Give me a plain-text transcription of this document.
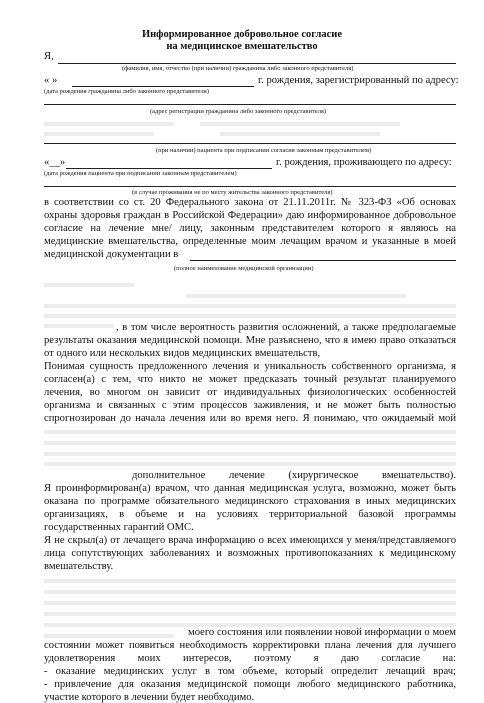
Информированное добровольное согласие
на медицинское вмешательство
Я,
(фамилия, имя, отчество (при наличии) гражданина либо законного представителя)
« »	г. рождения, зарегистрированный по адресу:
(дата рождения гражданина либо законного представителя)
(адрес регистрации гражданина либо законного представителя)
(при наличии) пациента при подписании согласия законным представителем)
«__»	г. рождения, проживающего по адресу:
(дата рождения пациента при подписании законным представителем)
(в случае проживания не по месту жительства законного представителя)
в соответствии со ст. 20 Федерального закона от 21.11.2011г. № 323-ФЗ «Об основах
охраны здоровья граждан в Российской Федерации» даю информированное добровольное
согласие на лечение мне/ лицу, законным представителем которого я являюсь на
медицинские вмешательства, определенные моим лечащим врачом и указанные в моей
медицинской документации в
(полное наименование медицинской организации)
, в том числе вероятность развития осложнений, а также предполагаемые
результаты оказания медицинской помощи. Мне разъяснено, что я имею право отказаться
от одного или нескольких видов медицинских вмешательств,
Понимая сущность предложенного лечения и уникальность собственного организма, я
согласен(а) с тем, что никто не может предсказать точный результат планируемого
лечения, во многом он зависит от индивидуальных физиологических особенностей
организма и связанных с этим процессов заживления, и не может быть полностью
спрогнозирован до начала лечения или во время него. Я понимаю, что ожидаемый мой
дополнительное лечение (хирургическое вмешательство).
Я проинформирован(а) врачом, что данная медицинская услуга, возможно, может быть
оказана по программе обязательного медицинского страхования в иных медицинских
организациях, в объеме и на условиях территориальной базовой программы
государственных гарантий ОМС.
Я не скрыл(а) от лечащего врача информацию о всех имеющихся у меня/представляемого
лица сопутствующих заболеваниях и возможных противопоказаниях к медицинскому
вмешательству.
моего состояния или появлении новой информации о моем
состоянии может появиться необходимость корректировки плана лечения для лучшего
удовлетворения моих интересов, поэтому я даю согласие на:
- оказание медицинских услуг в том объеме, который определит лечащий врач;
- привлечение для оказания медицинской помощи любого медицинского работника,
участие которого в лечении будет необходимо.
